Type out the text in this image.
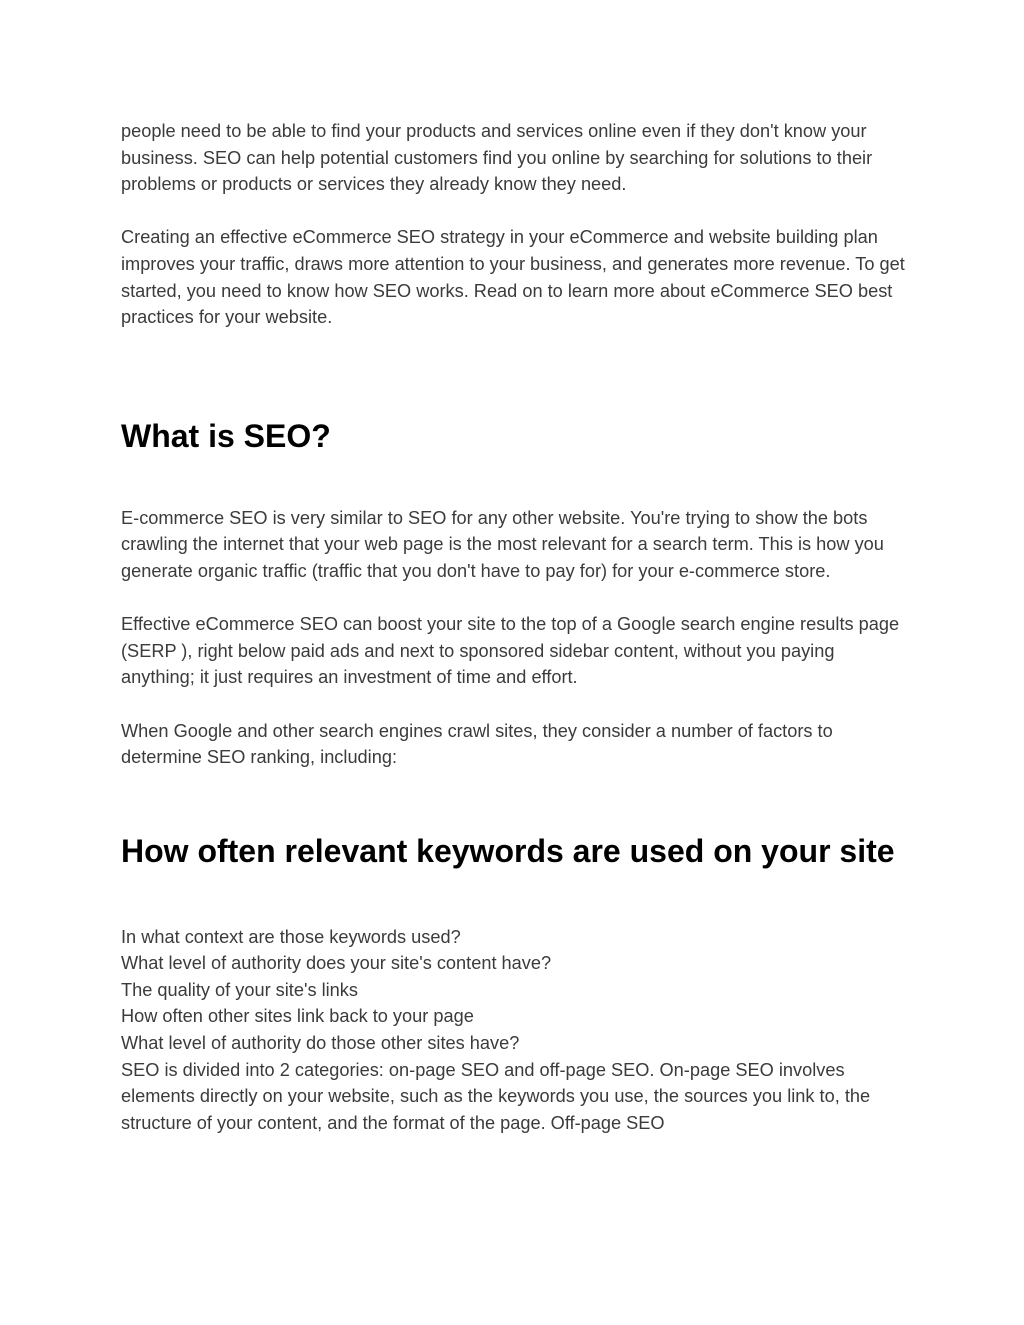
people need to be able to find your products and services online even if they don't know your business. SEO can help potential customers find you online by searching for solutions to their problems or products or services they already know they need.

Creating an effective eCommerce SEO strategy in your eCommerce and website building plan improves your traffic, draws more attention to your business, and generates more revenue. To get started, you need to know how SEO works. Read on to learn more about eCommerce SEO best practices for your website.

What is SEO?

E-commerce SEO is very similar to SEO for any other website. You're trying to show the bots crawling the internet that your web page is the most relevant for a search term. This is how you generate organic traffic (traffic that you don't have to pay for) for your e-commerce store.

Effective eCommerce SEO can boost your site to the top of a Google search engine results page (SERP ), right below paid ads and next to sponsored sidebar content, without you paying anything; it just requires an investment of time and effort.

When Google and other search engines crawl sites, they consider a number of factors to determine SEO ranking, including:

How often relevant keywords are used on your site

In what context are those keywords used?
What level of authority does your site's content have?
The quality of your site's links
How often other sites link back to your page
What level of authority do those other sites have?
SEO is divided into 2 categories: on-page SEO and off-page SEO. On-page SEO involves elements directly on your website, such as the keywords you use, the sources you link to, the structure of your content, and the format of the page. Off-page SEO
